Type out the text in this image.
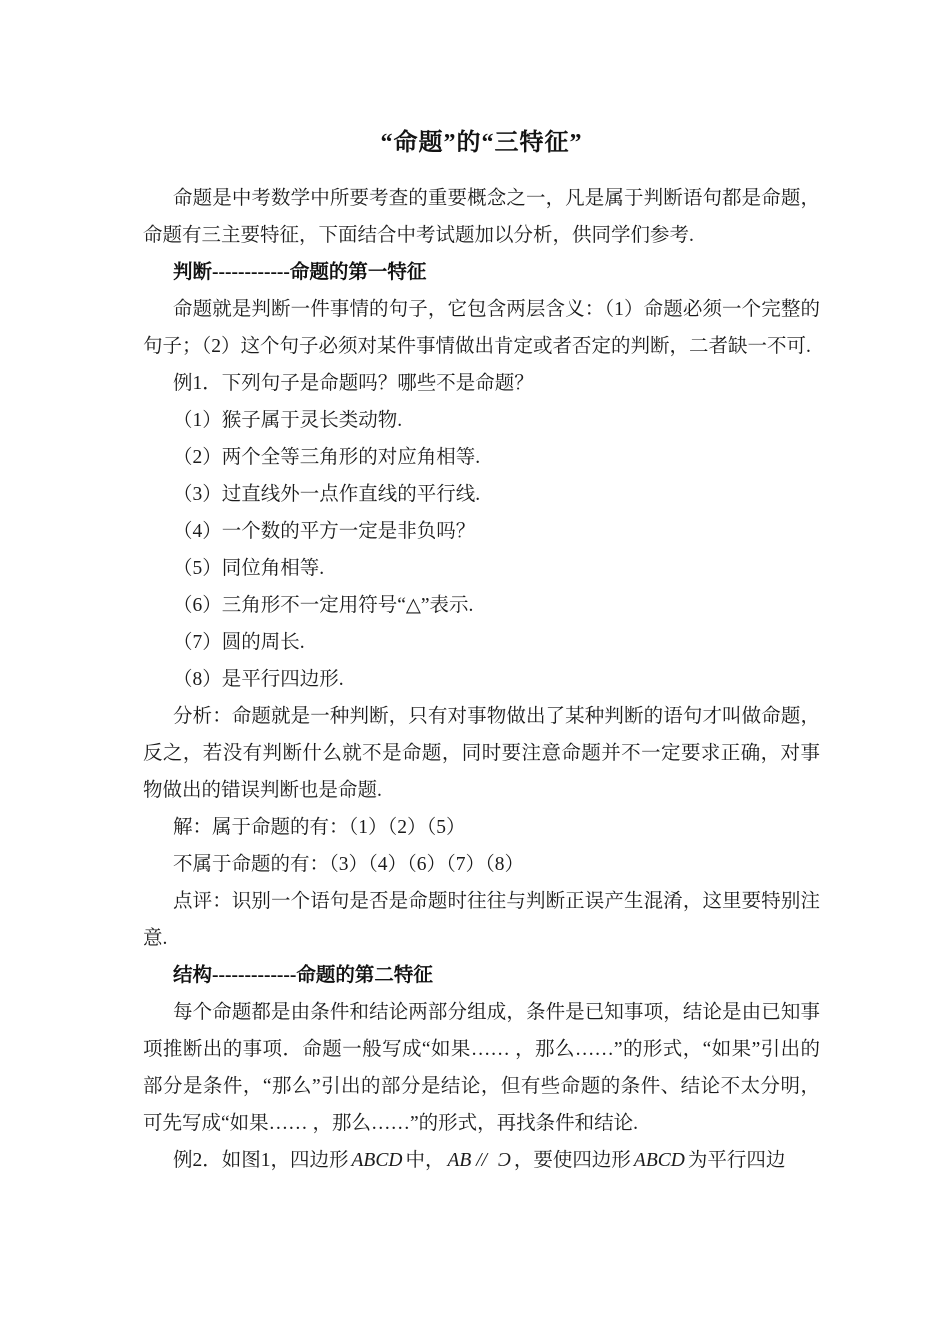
“命题”的“三特征”

命题是中考数学中所要考查的重要概念之一，凡是属于判断语句都是命题，命题有三主要特征，下面结合中考试题加以分析，供同学们参考.

判断------------命题的第一特征

命题就是判断一件事情的句子，它包含两层含义：（1）命题必须一个完整的句子；（2）这个句子必须对某件事情做出肯定或者否定的判断，二者缺一不可.

例1．下列句子是命题吗？哪些不是命题？

（1）猴子属于灵长类动物.

（2）两个全等三角形的对应角相等.

（3）过直线外一点作直线的平行线.

（4）一个数的平方一定是非负吗？

（5）同位角相等.

（6）三角形不一定用符号“△”表示.

（7）圆的周长.

（8）是平行四边形.

分析：命题就是一种判断，只有对事物做出了某种判断的语句才叫做命题，反之，若没有判断什么就不是命题，同时要注意命题并不一定要求正确，对事物做出的错误判断也是命题.

解：属于命题的有：（1）（2）（5）

不属于命题的有：（3）（4）（6）（7）（8）

点评：识别一个语句是否是命题时往往与判断正误产生混淆，这里要特别注意.

结构-------------命题的第二特征

每个命题都是由条件和结论两部分组成，条件是已知事项，结论是由已知事项推断出的事项．命题一般写成“如果…… ，那么……”的形式，“如果”引出的部分是条件，“那么”引出的部分是结论，但有些命题的条件、结论不太分明，可先写成“如果…… ，那么……”的形式，再找条件和结论.

例2．如图1，四边形 ABCD 中， AB // Ɔ ，要使四边形 ABCD 为平行四边
